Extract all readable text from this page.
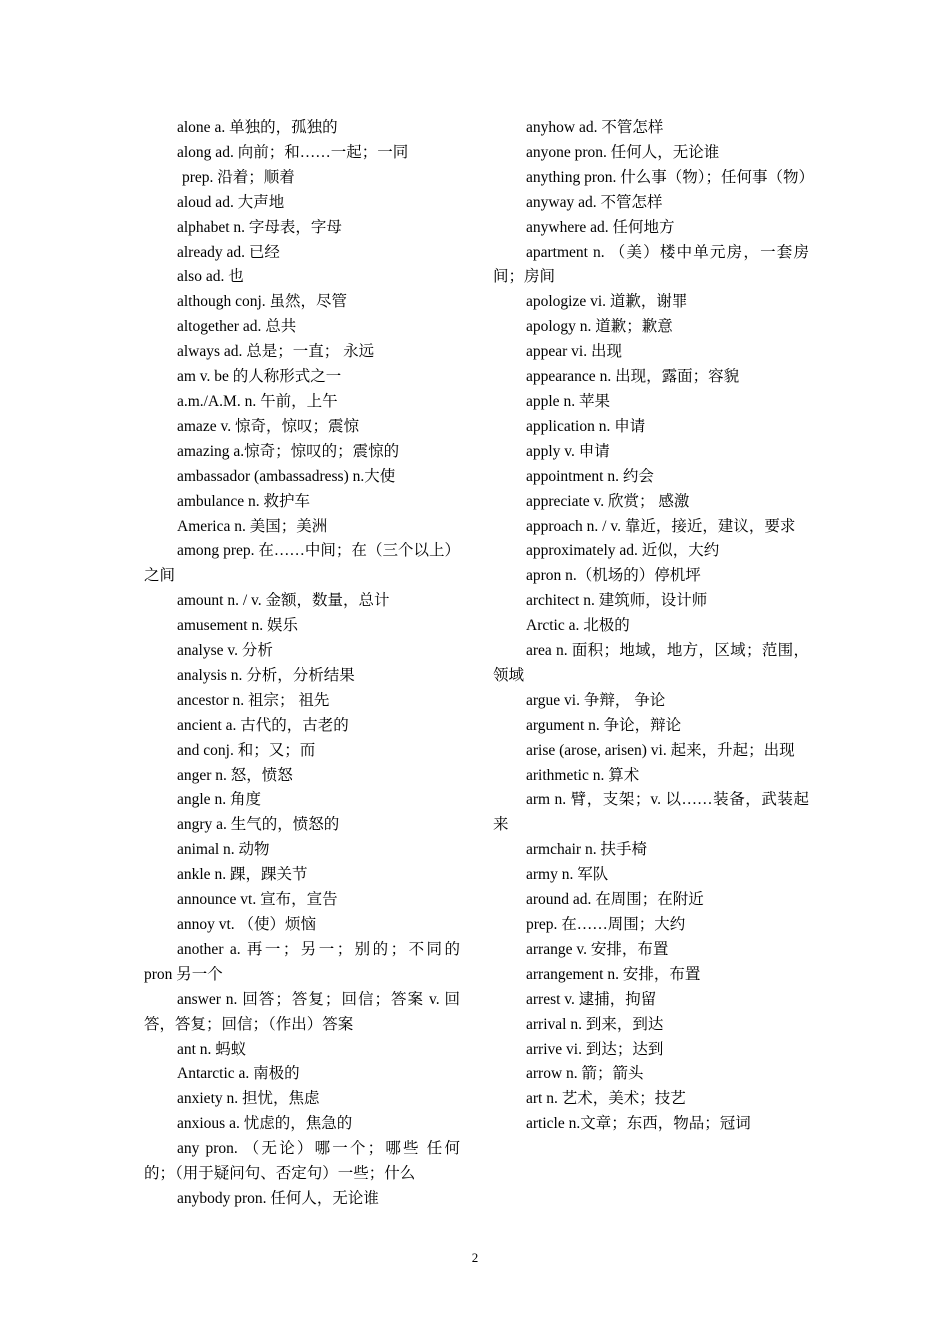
alone a. 单独的，孤独的

along ad. 向前；和……一起；一同

prep. 沿着；顺着

aloud ad. 大声地

alphabet n. 字母表，字母

already ad. 已经

also ad. 也

although conj. 虽然，尽管

altogether ad. 总共

always ad. 总是；一直； 永远

am v. be 的人称形式之一

a.m./A.M. n. 午前，上午

amaze v. 惊奇，惊叹；震惊

amazing a.惊奇；惊叹的；震惊的

ambassador (ambassadress) n.大使

ambulance n. 救护车

America n. 美国；美洲

among prep. 在……中间；在（三个以上）之间

amount n. / v. 金额，数量，总计

amusement n. 娱乐

analyse v. 分析

analysis n. 分析，分析结果

ancestor n. 祖宗； 祖先

ancient a. 古代的，古老的

and conj. 和；又；而

anger n. 怒，愤怒

angle n. 角度

angry a. 生气的，愤怒的

animal n. 动物

ankle n. 踝，踝关节

announce vt. 宣布，宣告

annoy vt. （使）烦恼

another a. 再一；另一；别的；不同的 pron 另一个

answer n. 回答；答复；回信；答案 v. 回答，答复；回信；（作出）答案

ant n. 蚂蚁

Antarctic a. 南极的

anxiety n. 担忧，焦虑

anxious a. 忧虑的，焦急的

any pron. （无论）哪一个；哪些 任何的；（用于疑问句、否定句）一些；什么

anybody pron. 任何人，无论谁

anyhow ad. 不管怎样

anyone pron. 任何人，无论谁

anything pron. 什么事（物）；任何事（物）

anyway ad. 不管怎样

anywhere ad. 任何地方

apartment n. （美）楼中单元房，一套房间；房间

apologize vi. 道歉，谢罪

apology n. 道歉；歉意

appear vi. 出现

appearance n. 出现，露面；容貌

apple n. 苹果

application n. 申请

apply v. 申请

appointment n. 约会

appreciate v. 欣赏； 感激

approach n. / v. 靠近，接近，建议，要求

approximately ad. 近似，大约

apron n.（机场的）停机坪

architect n. 建筑师，设计师

Arctic a. 北极的

area n. 面积；地域，地方，区域；范围，领域

argue vi. 争辩， 争论

argument n. 争论，辩论

arise (arose, arisen) vi. 起来，升起；出现

arithmetic n. 算术

arm n. 臂，支架；v. 以……装备，武装起来

armchair n. 扶手椅

army n. 军队

around ad. 在周围；在附近

prep. 在……周围；大约

arrange v. 安排，布置

arrangement n. 安排，布置

arrest v. 逮捕，拘留

arrival n. 到来，到达

arrive vi. 到达；达到

arrow n. 箭；箭头

art n. 艺术，美术；技艺

article n.文章；东西，物品；冠词

2
